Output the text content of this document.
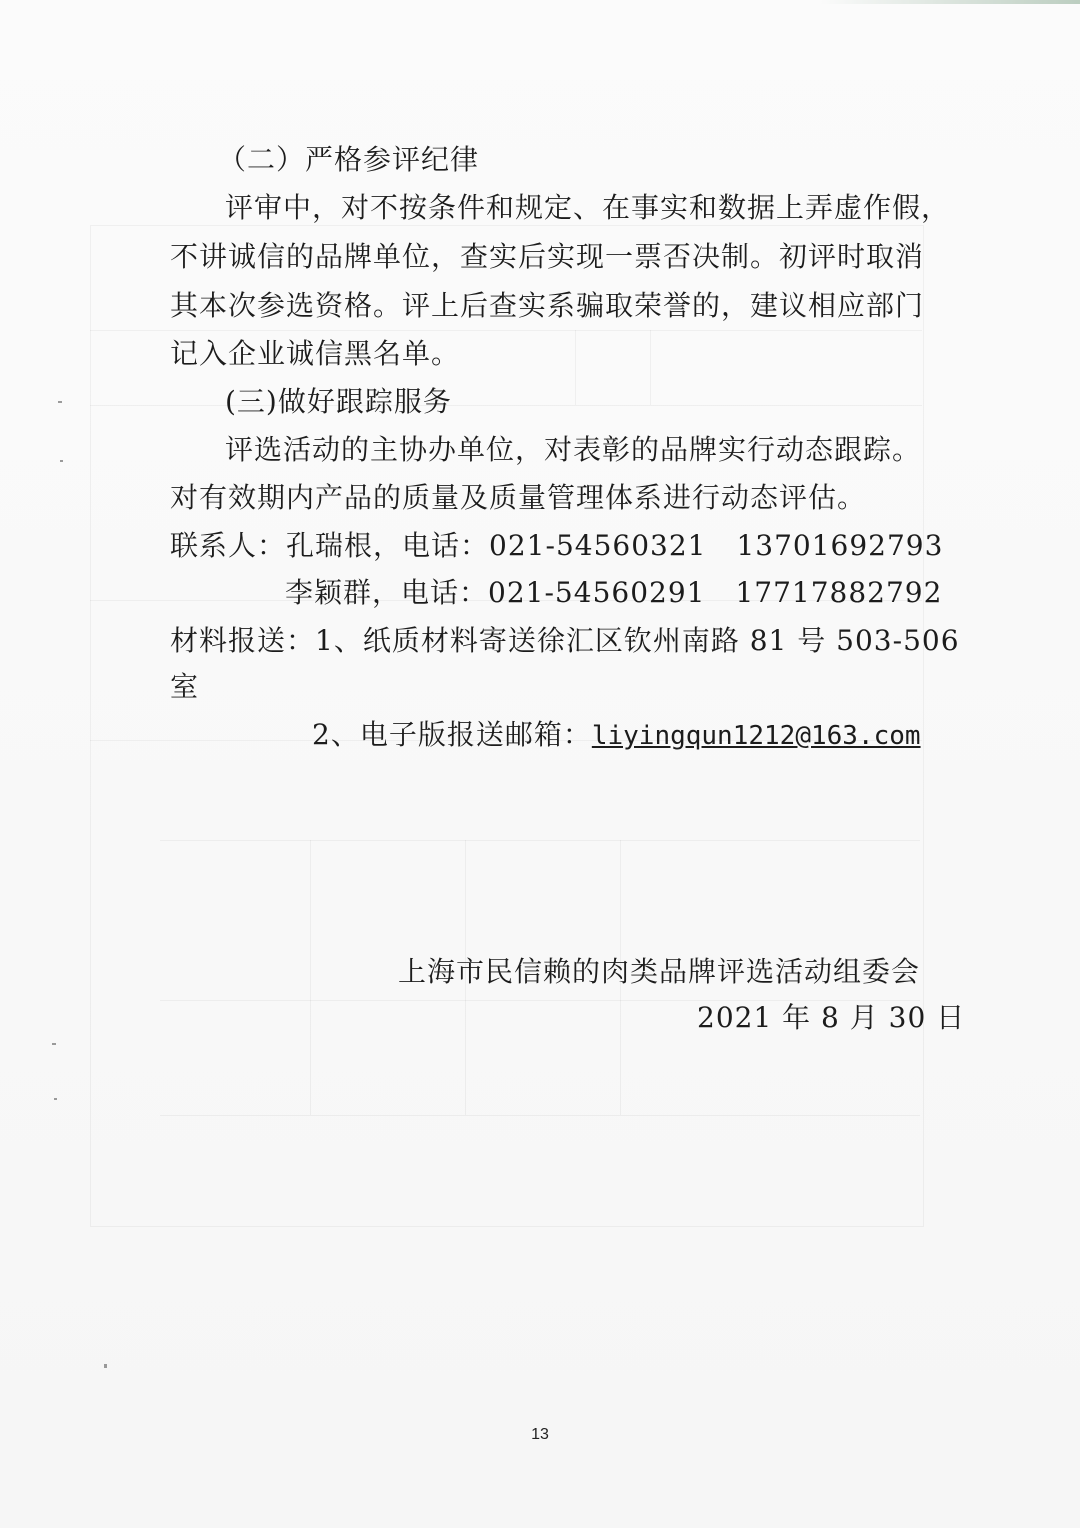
（二）严格参评纪律
评审中，对不按条件和规定、在事实和数据上弄虚作假，
不讲诚信的品牌单位，查实后实现一票否决制。初评时取消
其本次参选资格。评上后查实系骗取荣誉的，建议相应部门
记入企业诚信黑名单。
(三)做好跟踪服务
评选活动的主协办单位，对表彰的品牌实行动态跟踪。
对有效期内产品的质量及质量管理体系进行动态评估。
联系人：孔瑞根，电话：021-54560321 13701692793
李颖群，电话：021-54560291 17717882792
材料报送：1、纸质材料寄送徐汇区钦州南路 81 号 503-506
室
2、电子版报送邮箱：liyingqun1212@163.com
上海市民信赖的肉类品牌评选活动组委会
2021 年 8 月 30 日
13
